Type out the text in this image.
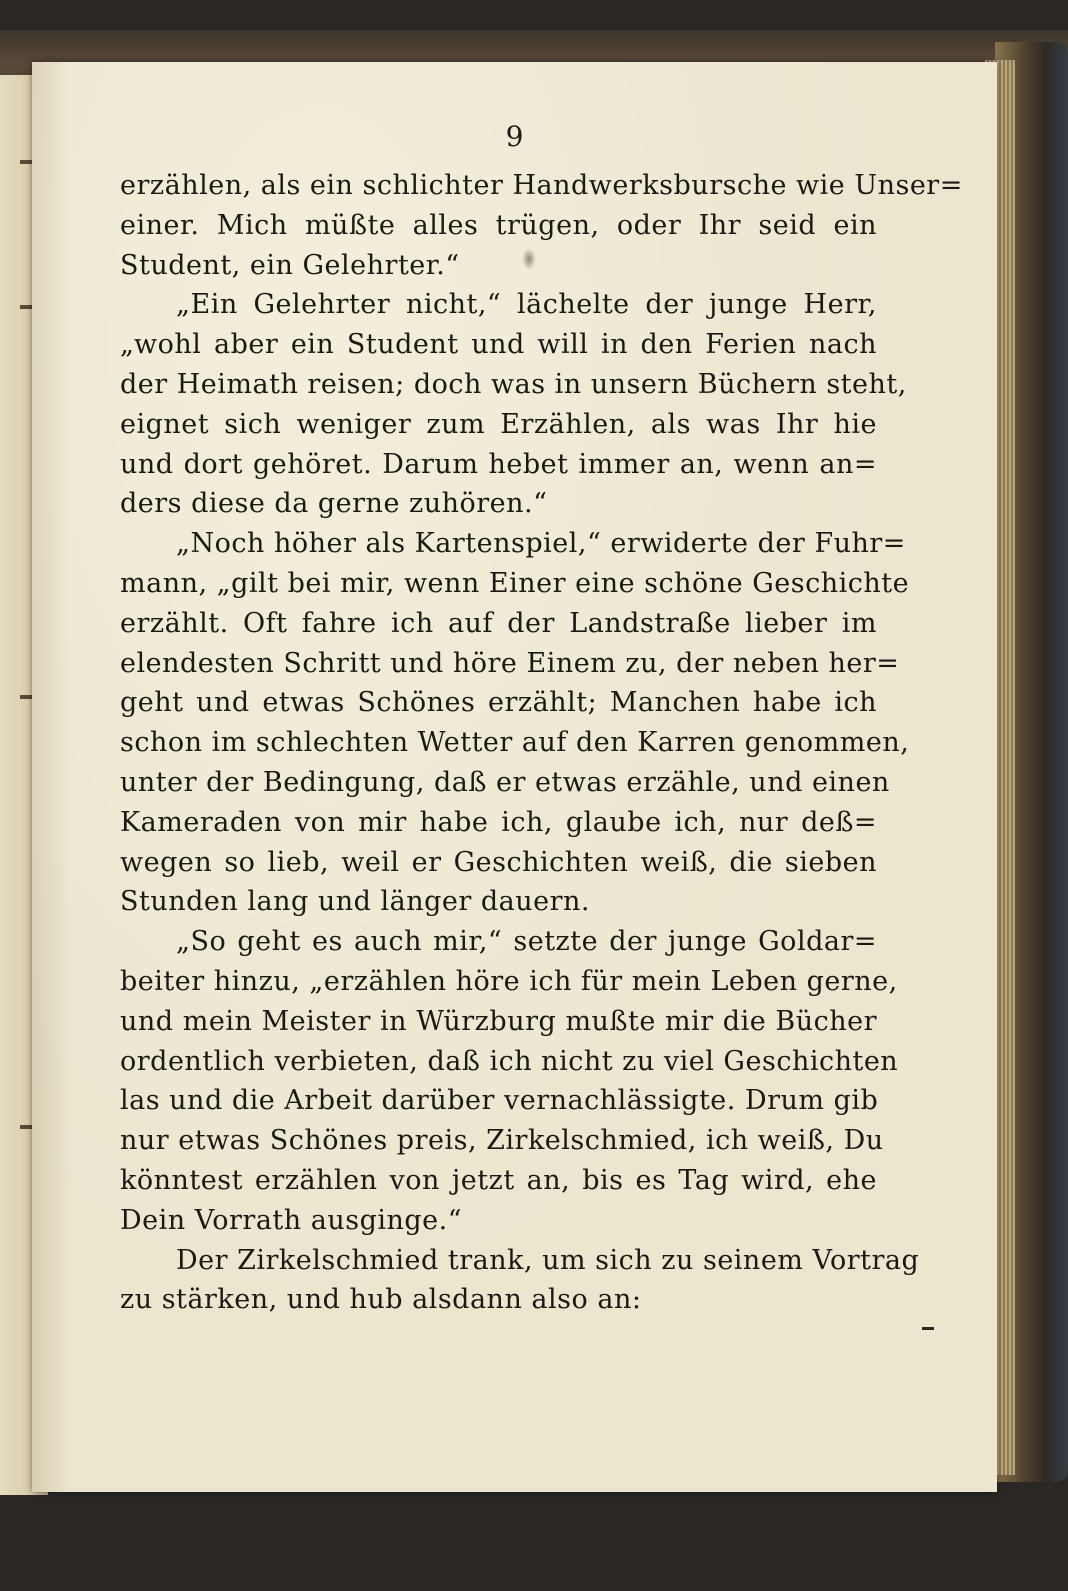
9
erzählen, als ein schlichter Handwerksbursche wie Unser=
einer. Mich müßte alles trügen, oder Ihr seid ein
Student, ein Gelehrter.“
„Ein Gelehrter nicht,“ lächelte der junge Herr,
„wohl aber ein Student und will in den Ferien nach
der Heimath reisen; doch was in unsern Büchern steht,
eignet sich weniger zum Erzählen, als was Ihr hie
und dort gehöret. Darum hebet immer an, wenn an=
ders diese da gerne zuhören.“
„Noch höher als Kartenspiel,“ erwiderte der Fuhr=
mann, „gilt bei mir, wenn Einer eine schöne Geschichte
erzählt. Oft fahre ich auf der Landstraße lieber im
elendesten Schritt und höre Einem zu, der neben her=
geht und etwas Schönes erzählt; Manchen habe ich
schon im schlechten Wetter auf den Karren genommen,
unter der Bedingung, daß er etwas erzähle, und einen
Kameraden von mir habe ich, glaube ich, nur deß=
wegen so lieb, weil er Geschichten weiß, die sieben
Stunden lang und länger dauern.
„So geht es auch mir,“ setzte der junge Goldar=
beiter hinzu, „erzählen höre ich für mein Leben gerne,
und mein Meister in Würzburg mußte mir die Bücher
ordentlich verbieten, daß ich nicht zu viel Geschichten
las und die Arbeit darüber vernachlässigte. Drum gib
nur etwas Schönes preis, Zirkelschmied, ich weiß, Du
könntest erzählen von jetzt an, bis es Tag wird, ehe
Dein Vorrath ausginge.“
Der Zirkelschmied trank, um sich zu seinem Vortrag
zu stärken, und hub alsdann also an:
